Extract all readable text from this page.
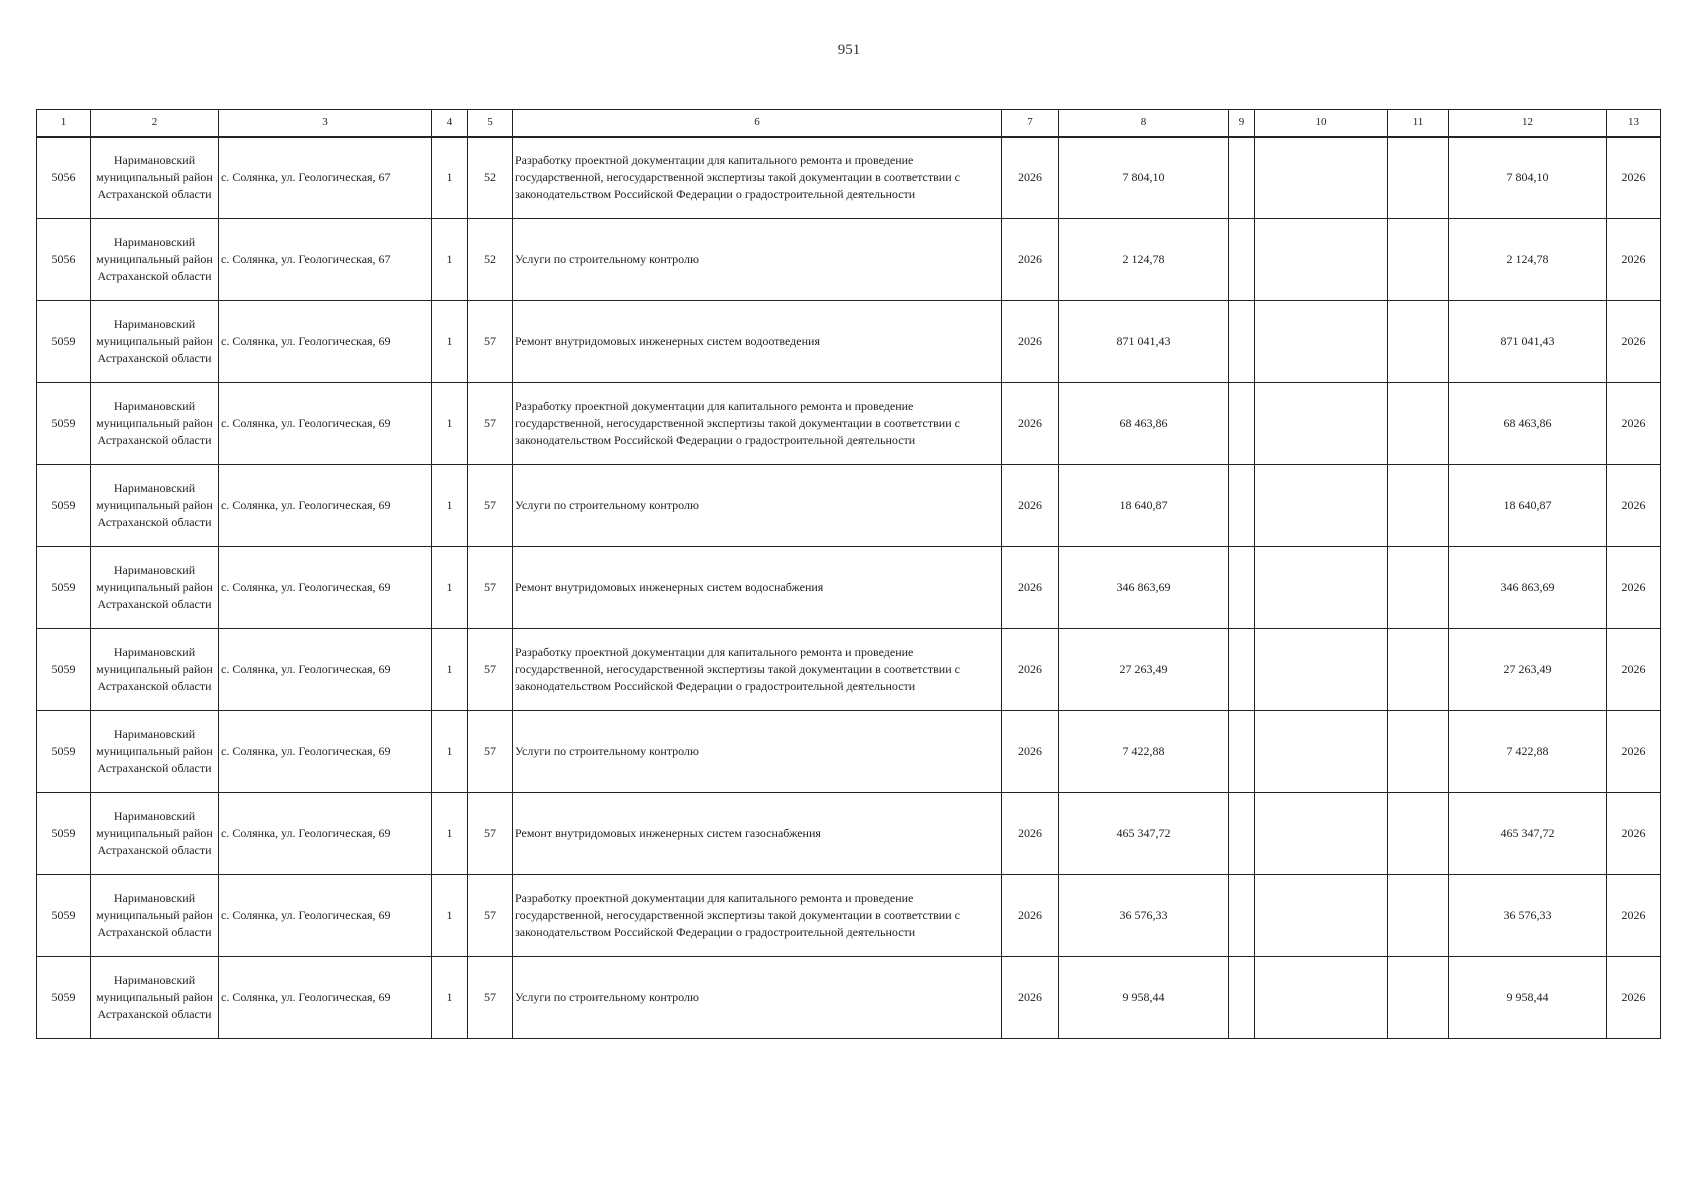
951
1	2	3	4	5	6	7	8	9	10	11	12	13
5056	Наримановский муниципальный район Астраханской области	с. Солянка, ул. Геологическая, 67	1	52	Разработку проектной документации для капитального ремонта и проведение государственной, негосударственной экспертизы такой документации в соответствии с законодательством Российской Федерации о градостроительной деятельности	2026	7 804,10				7 804,10	2026
5056	Наримановский муниципальный район Астраханской области	с. Солянка, ул. Геологическая, 67	1	52	Услуги по строительному контролю	2026	2 124,78				2 124,78	2026
5059	Наримановский муниципальный район Астраханской области	с. Солянка, ул. Геологическая, 69	1	57	Ремонт внутридомовых инженерных систем водоотведения	2026	871 041,43				871 041,43	2026
5059	Наримановский муниципальный район Астраханской области	с. Солянка, ул. Геологическая, 69	1	57	Разработку проектной документации для капитального ремонта и проведение государственной, негосударственной экспертизы такой документации в соответствии с законодательством Российской Федерации о градостроительной деятельности	2026	68 463,86				68 463,86	2026
5059	Наримановский муниципальный район Астраханской области	с. Солянка, ул. Геологическая, 69	1	57	Услуги по строительному контролю	2026	18 640,87				18 640,87	2026
5059	Наримановский муниципальный район Астраханской области	с. Солянка, ул. Геологическая, 69	1	57	Ремонт внутридомовых инженерных систем водоснабжения	2026	346 863,69				346 863,69	2026
5059	Наримановский муниципальный район Астраханской области	с. Солянка, ул. Геологическая, 69	1	57	Разработку проектной документации для капитального ремонта и проведение государственной, негосударственной экспертизы такой документации в соответствии с законодательством Российской Федерации о градостроительной деятельности	2026	27 263,49				27 263,49	2026
5059	Наримановский муниципальный район Астраханской области	с. Солянка, ул. Геологическая, 69	1	57	Услуги по строительному контролю	2026	7 422,88				7 422,88	2026
5059	Наримановский муниципальный район Астраханской области	с. Солянка, ул. Геологическая, 69	1	57	Ремонт внутридомовых инженерных систем газоснабжения	2026	465 347,72				465 347,72	2026
5059	Наримановский муниципальный район Астраханской области	с. Солянка, ул. Геологическая, 69	1	57	Разработку проектной документации для капитального ремонта и проведение государственной, негосударственной экспертизы такой документации в соответствии с законодательством Российской Федерации о градостроительной деятельности	2026	36 576,33				36 576,33	2026
5059	Наримановский муниципальный район Астраханской области	с. Солянка, ул. Геологическая, 69	1	57	Услуги по строительному контролю	2026	9 958,44				9 958,44	2026
